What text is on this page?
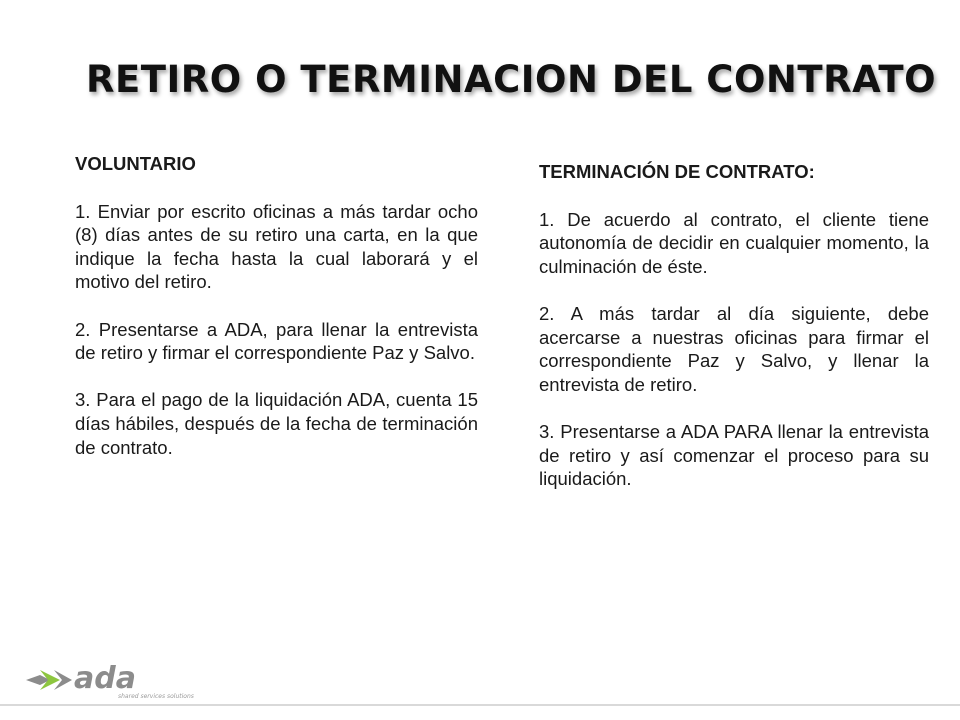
RETIRO O TERMINACION DEL CONTRATO
VOLUNTARIO

1. Enviar por escrito oficinas a más tardar ocho (8) días antes de su retiro una carta, en la que indique la fecha hasta la cual laborará y el motivo del retiro.

2. Presentarse a ADA, para llenar la entrevista de retiro y firmar el correspondiente Paz y Salvo.

3. Para el pago de la liquidación ADA, cuenta 15 días hábiles, después de la fecha de terminación de contrato.

TERMINACIÓN DE CONTRATO:

1. De acuerdo al contrato, el cliente tiene autonomía de decidir en cualquier momento, la culminación de éste.

2. A más tardar al día siguiente, debe acercarse a nuestras oficinas para firmar el correspondiente Paz y Salvo, y llenar la entrevista de retiro.

3. Presentarse a ADA PARA llenar la entrevista de retiro y así comenzar el proceso para su liquidación.

ada
shared services solutions
